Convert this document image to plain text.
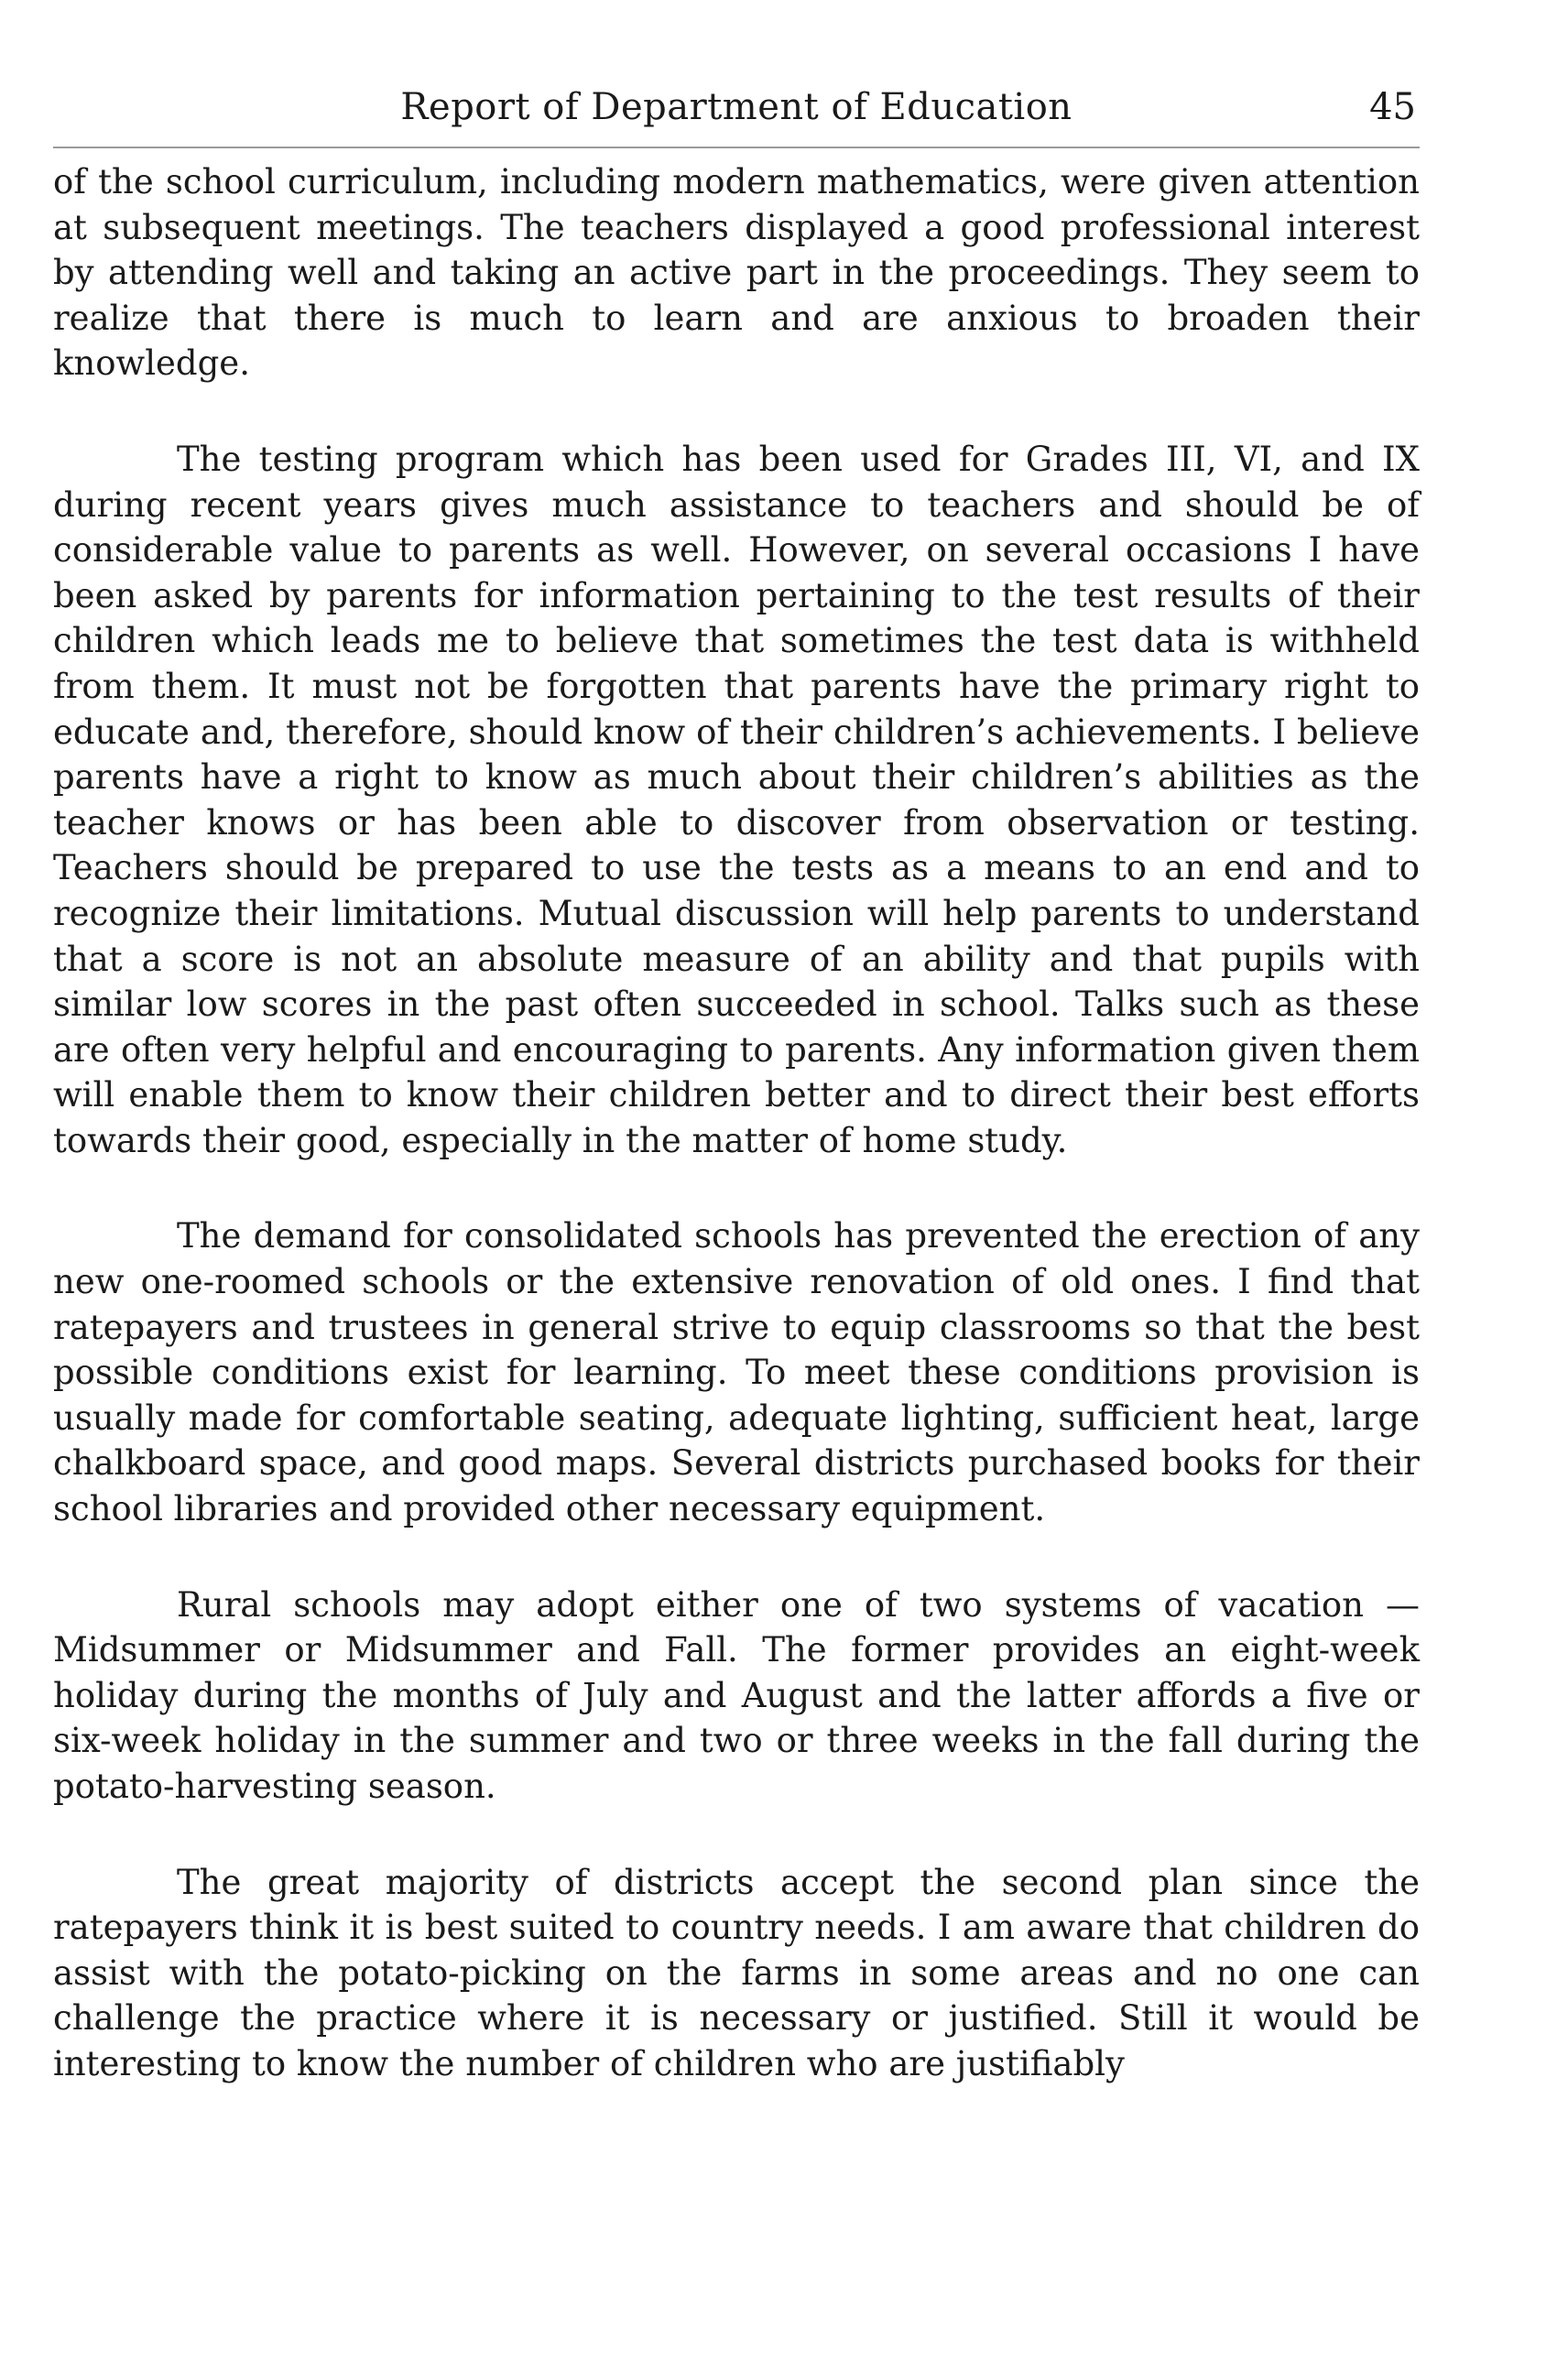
Report of Department of Education	45

of the school curriculum, including modern mathematics, were given attention at subsequent meetings. The teachers displayed a good professional interest by attending well and taking an active part in the proceedings. They seem to realize that there is much to learn and are anxious to broaden their knowledge.

The testing program which has been used for Grades III, VI, and IX during recent years gives much assistance to teachers and should be of considerable value to parents as well. However, on several occasions I have been asked by parents for information pertaining to the test results of their children which leads me to believe that sometimes the test data is withheld from them. It must not be forgotten that parents have the primary right to educate and, therefore, should know of their children’s achievements. I believe parents have a right to know as much about their children’s abilities as the teacher knows or has been able to discover from observation or testing. Teachers should be prepared to use the tests as a means to an end and to recognize their limitations. Mutual discussion will help parents to understand that a score is not an absolute measure of an ability and that pupils with similar low scores in the past often succeeded in school. Talks such as these are often very helpful and encouraging to parents. Any information given them will enable them to know their children better and to direct their best efforts towards their good, especially in the matter of home study.

The demand for consolidated schools has prevented the erection of any new one-roomed schools or the extensive renovation of old ones. I find that ratepayers and trustees in general strive to equip classrooms so that the best possible conditions exist for learning. To meet these conditions provision is usually made for comfortable seating, adequate lighting, sufficient heat, large chalkboard space, and good maps. Several districts purchased books for their school libraries and provided other necessary equipment.

Rural schools may adopt either one of two systems of vacation — Midsummer or Midsummer and Fall. The former provides an eight-week holiday during the months of July and August and the latter affords a five or six-week holiday in the summer and two or three weeks in the fall during the potato-harvesting season.

The great majority of districts accept the second plan since the ratepayers think it is best suited to country needs. I am aware that children do assist with the potato-picking on the farms in some areas and no one can challenge the practice where it is necessary or justified. Still it would be interesting to know the number of children who are justifiably
